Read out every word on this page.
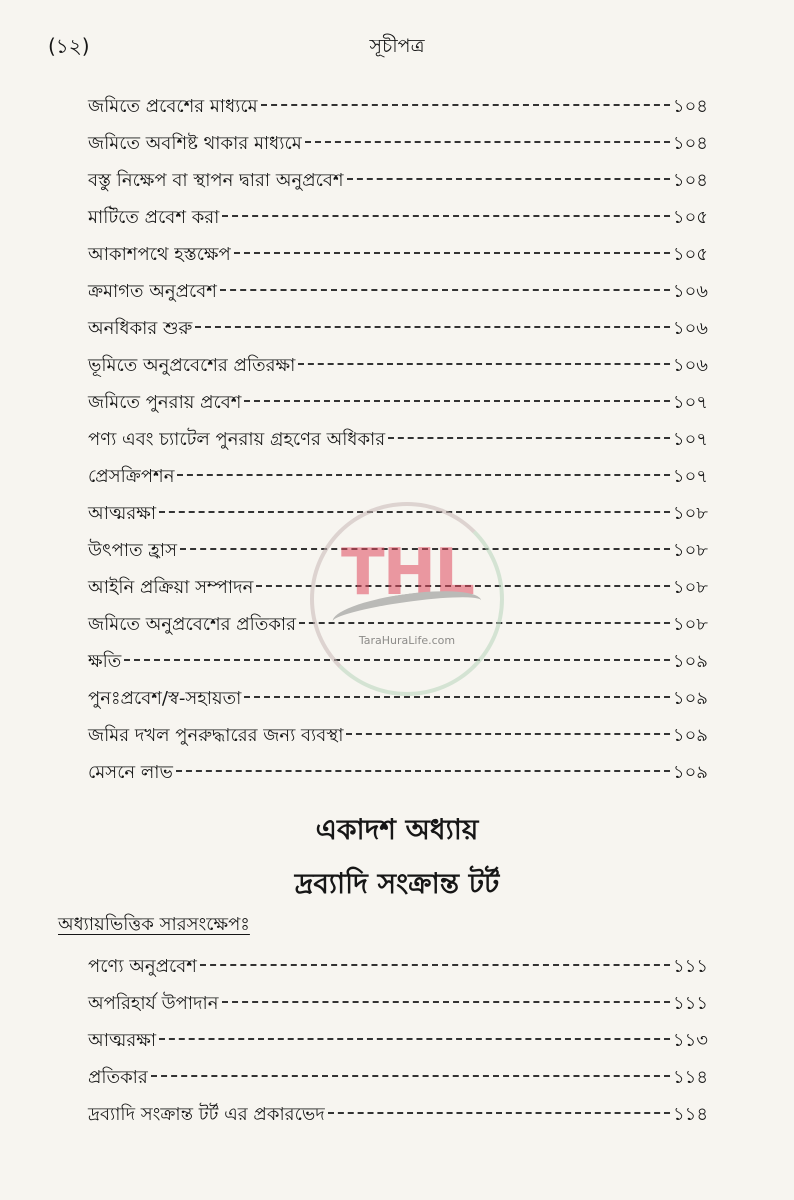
(১২)	সূচীপত্র
জমিতে প্রবেশের মাধ্যমে	১০৪
জমিতে অবশিষ্ট থাকার মাধ্যমে	১০৪
বস্তু নিক্ষেপ বা স্থাপন দ্বারা অনুপ্রবেশ	১০৪
মাটিতে প্রবেশ করা	১০৫
আকাশপথে হস্তক্ষেপ	১০৫
ক্রমাগত অনুপ্রবেশ	১০৬
অনধিকার শুরু	১০৬
ভূমিতে অনুপ্রবেশের প্রতিরক্ষা	১০৬
জমিতে পুনরায় প্রবেশ	১০৭
পণ্য এবং চ্যাটেল পুনরায় গ্রহণের অধিকার	১০৭
প্রেসক্রিপশন	১০৭
আত্মরক্ষা	১০৮
উৎপাত হ্রাস	১০৮
আইনি প্রক্রিয়া সম্পাদন	১০৮
জমিতে অনুপ্রবেশের প্রতিকার	১০৮
ক্ষতি	১০৯
পুনঃপ্রবেশ/স্ব-সহায়তা	১০৯
জমির দখল পুনরুদ্ধারের জন্য ব্যবস্থা	১০৯
মেসনে লাভ	১০৯
একাদশ অধ্যায়
দ্রব্যাদি সংক্রান্ত টর্ট
অধ্যায়ভিত্তিক সারসংক্ষেপঃ
পণ্যে অনুপ্রবেশ	১১১
অপরিহার্য উপাদান	১১১
আত্মরক্ষা	১১৩
প্রতিকার	১১৪
দ্রব্যাদি সংক্রান্ত টর্ট এর প্রকারভেদ	১১৪
THL
TaraHuraLife.com
